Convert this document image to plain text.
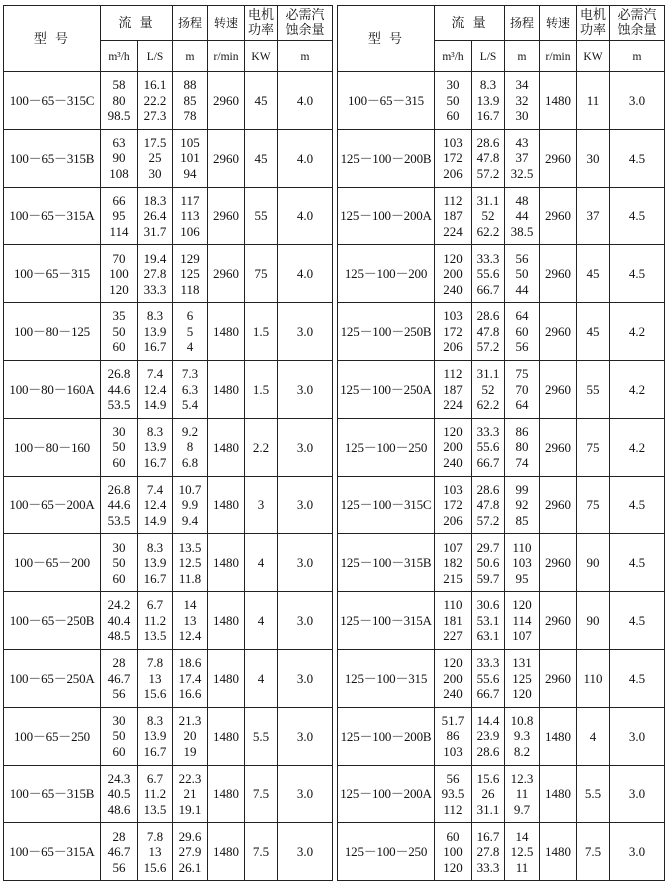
型 号	流 量		扬程	转速	电机
功率	必需汽
蚀余量

	m³/h	L/S	m	r/min	KW	m
100－65－315C	58
80
98.5	16.1
22.2
27.3	88
85
78	2960	45	4.0
100－65－315B	63
90
108	17.5
25
30	105
101
94	2960	45	4.0
100－65－315A	66
95
114	18.3
26.4
31.7	117
113
106	2960	55	4.0
100－65－315	70
100
120	19.4
27.8
33.3	129
125
118	2960	75	4.0
100－80－125	35
50
60	8.3
13.9
16.7	6
5
4	1480	1.5	3.0
100－80－160A	26.8
44.6
53.5	7.4
12.4
14.9	7.3
6.3
5.4	1480	1.5	3.0
100－80－160	30
50
60	8.3
13.9
16.7	9.2
8
6.8	1480	2.2	3.0
100－65－200A	26.8
44.6
53.5	7.4
12.4
14.9	10.7
9.9
9.4	1480	3	3.0
100－65－200	30
50
60	8.3
13.9
16.7	13.5
12.5
11.8	1480	4	3.0
100－65－250B	24.2
40.4
48.5	6.7
11.2
13.5	14
13
12.4	1480	4	3.0
100－65－250A	28
46.7
56	7.8
13
15.6	18.6
17.4
16.6	1480	4	3.0
100－65－250	30
50
60	8.3
13.9
16.7	21.3
20
19	1480	5.5	3.0
100－65－315B	24.3
40.5
48.6	6.7
11.2
13.5	22.3
21
19.1	1480	7.5	3.0
100－65－315A	28
46.7
56	7.8
13
15.6	29.6
27.9
26.1	1480	7.5	3.0
型 号	流 量		扬程	转速	电机
功率	必需汽
蚀余量

	m³/h	L/S	m	r/min	KW	m
100－65－315	30
50
60	8.3
13.9
16.7	34
32
30	1480	11	3.0
125－100－200B	103
172
206	28.6
47.8
57.2	43
37
32.5	2960	30	4.5
125－100－200A	112
187
224	31.1
52
62.2	48
44
38.5	2960	37	4.5
125－100－200	120
200
240	33.3
55.6
66.7	56
50
44	2960	45	4.5
125－100－250B	103
172
206	28.6
47.8
57.2	64
60
56	2960	45	4.2
125－100－250A	112
187
224	31.1
52
62.2	75
70
64	2960	55	4.2
125－100－250	120
200
240	33.3
55.6
66.7	86
80
74	2960	75	4.2
125－100－315C	103
172
206	28.6
47.8
57.2	99
92
85	2960	75	4.5
125－100－315B	107
182
215	29.7
50.6
59.7	110
103
95	2960	90	4.5
125－100－315A	110
181
227	30.6
53.1
63.1	120
114
107	2960	90	4.5
125－100－315	120
200
240	33.3
55.6
66.7	131
125
120	2960	110	4.5
125－100－200B	51.7
86
103	14.4
23.9
28.6	10.8
9.3
8.2	1480	4	3.0
125－100－200A	56
93.5
112	15.6
26
31.1	12.3
11
9.7	1480	5.5	3.0
125－100－250	60
100
120	16.7
27.8
33.3	14
12.5
11	1480	7.5	3.0
